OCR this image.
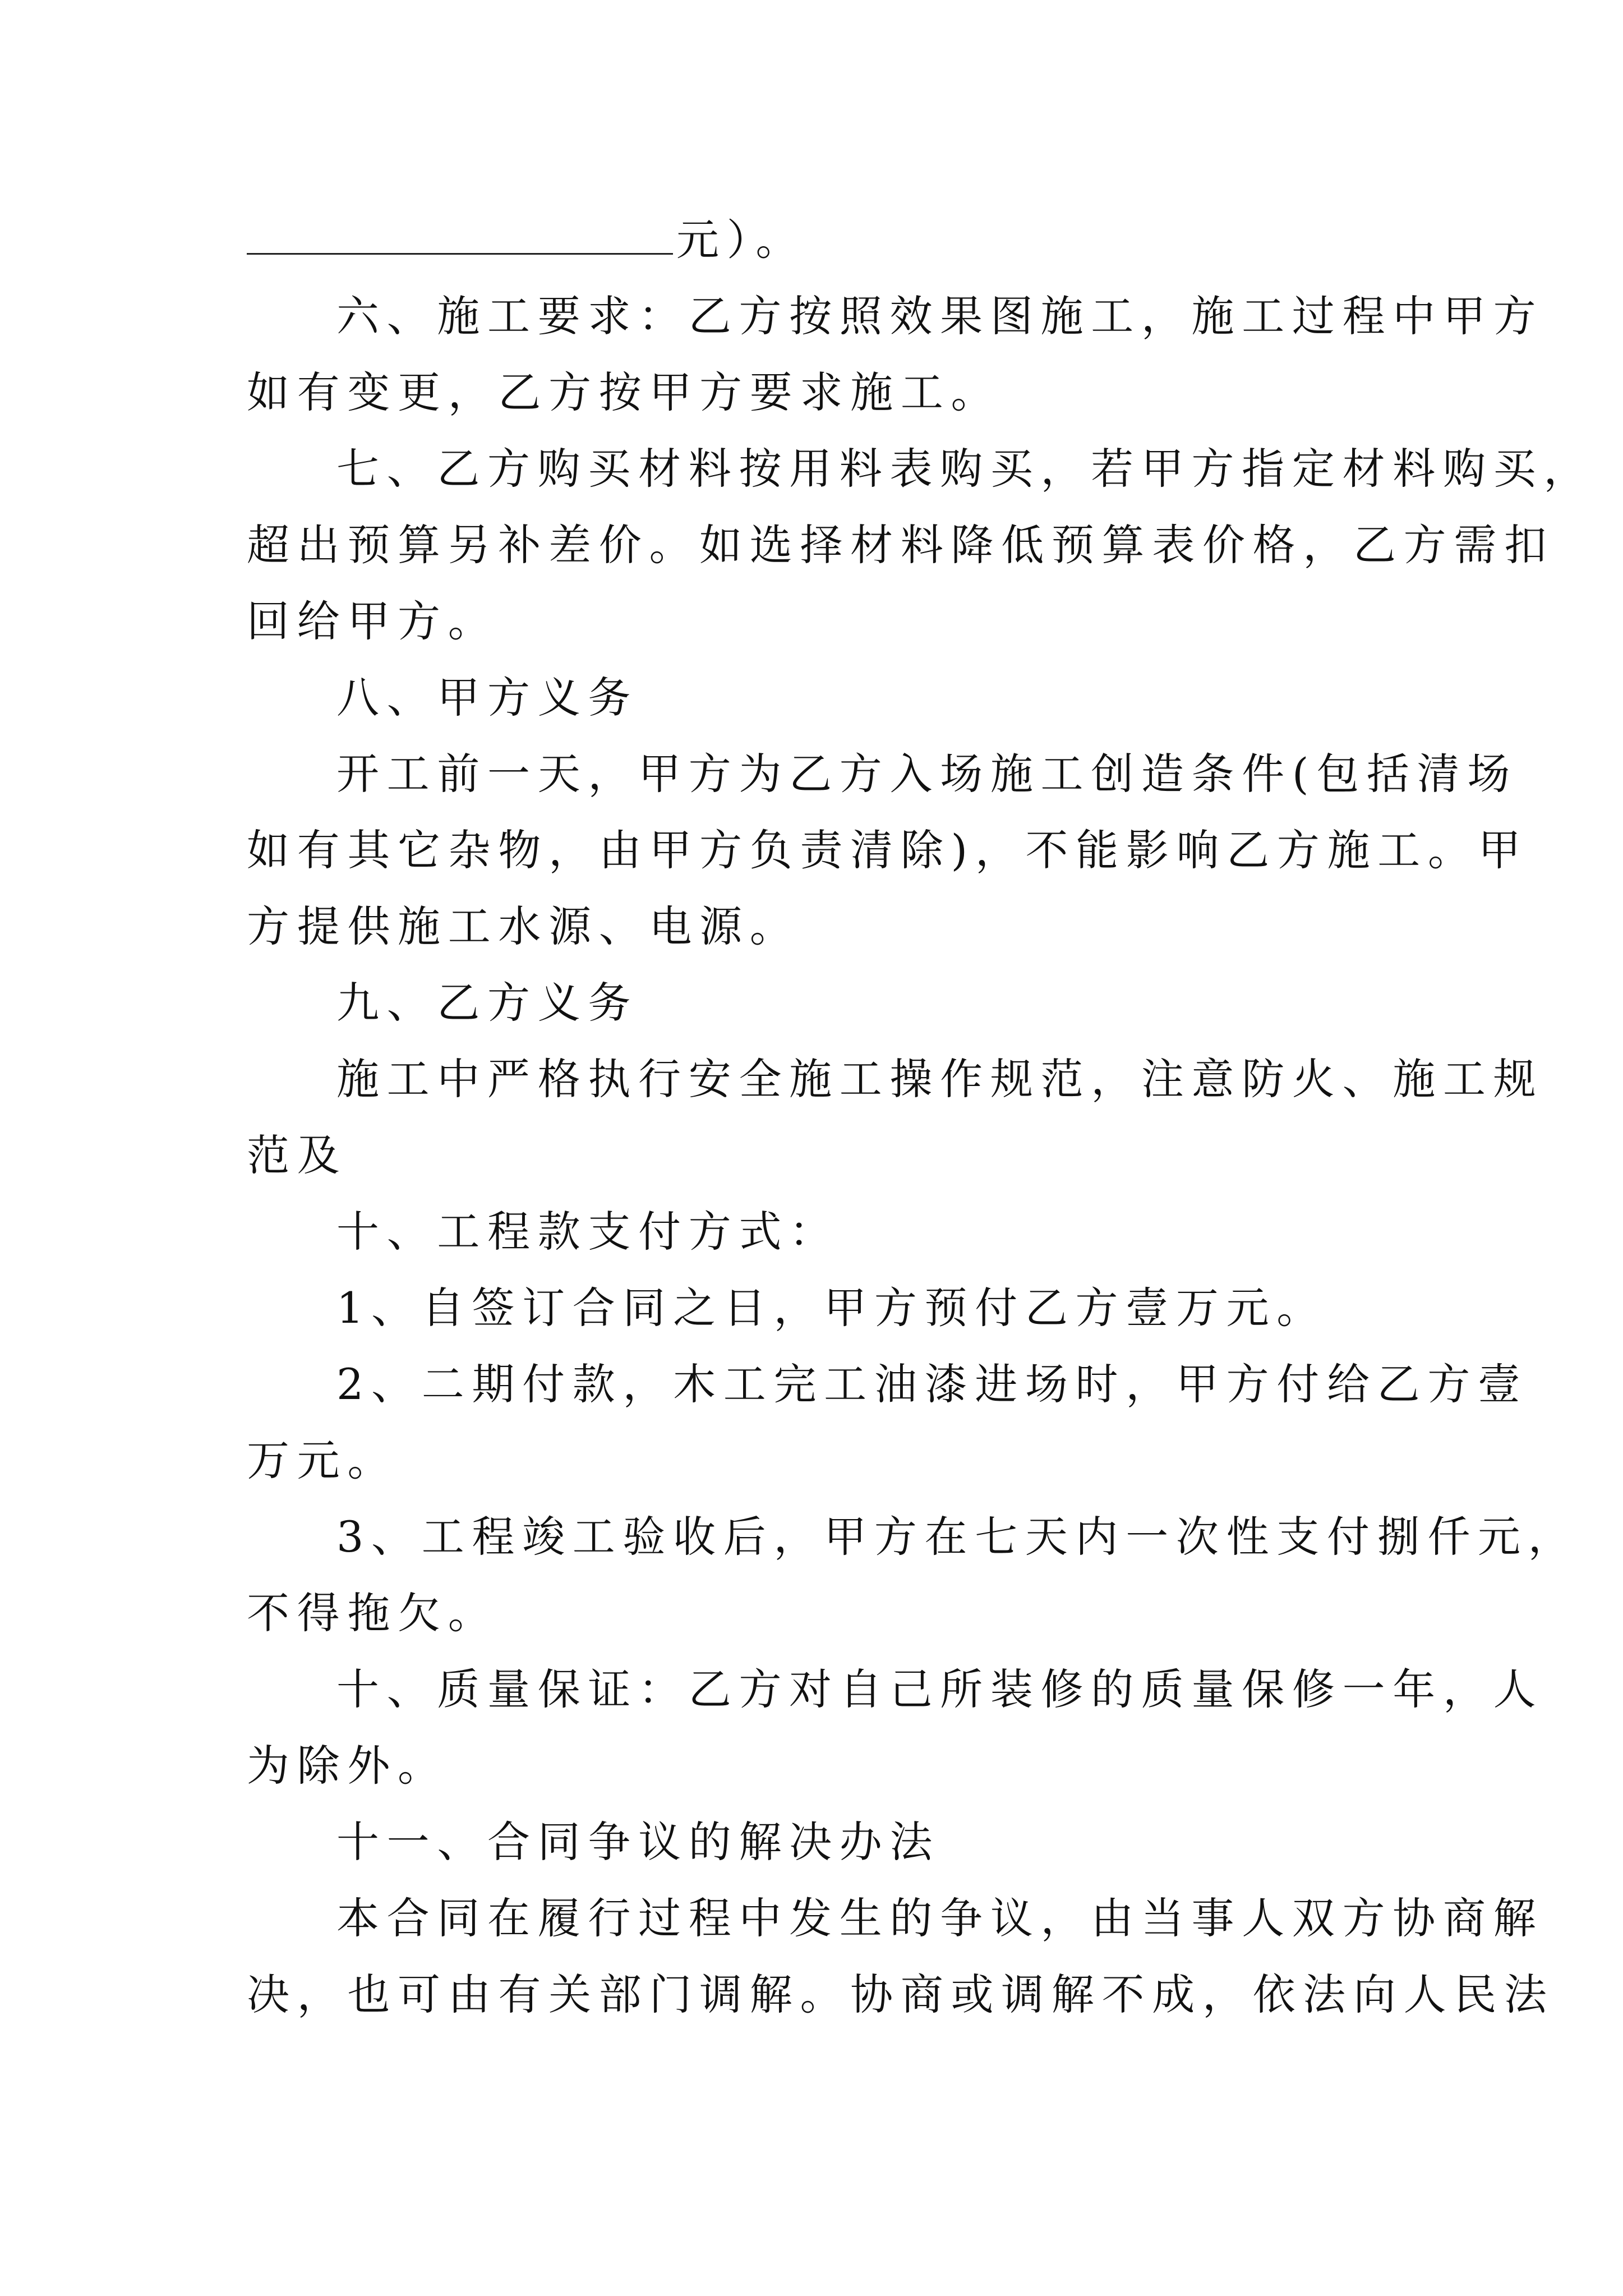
元）。
六、施工要求：乙方按照效果图施工，施工过程中甲方
如有变更，乙方按甲方要求施工。
七、乙方购买材料按用料表购买，若甲方指定材料购买，
超出预算另补差价。如选择材料降低预算表价格，乙方需扣
回给甲方。
八、甲方义务
开工前一天，甲方为乙方入场施工创造条件(包括清场
如有其它杂物，由甲方负责清除)，不能影响乙方施工。甲
方提供施工水源、电源。
九、乙方义务
施工中严格执行安全施工操作规范，注意防火、施工规
范及
十、工程款支付方式：
1、自签订合同之日，甲方预付乙方壹万元。
2、二期付款，木工完工油漆进场时，甲方付给乙方壹
万元。
3、工程竣工验收后，甲方在七天内一次性支付捌仟元，
不得拖欠。
十、质量保证：乙方对自己所装修的质量保修一年，人
为除外。
十一、合同争议的解决办法
本合同在履行过程中发生的争议，由当事人双方协商解
决，也可由有关部门调解。协商或调解不成，依法向人民法
